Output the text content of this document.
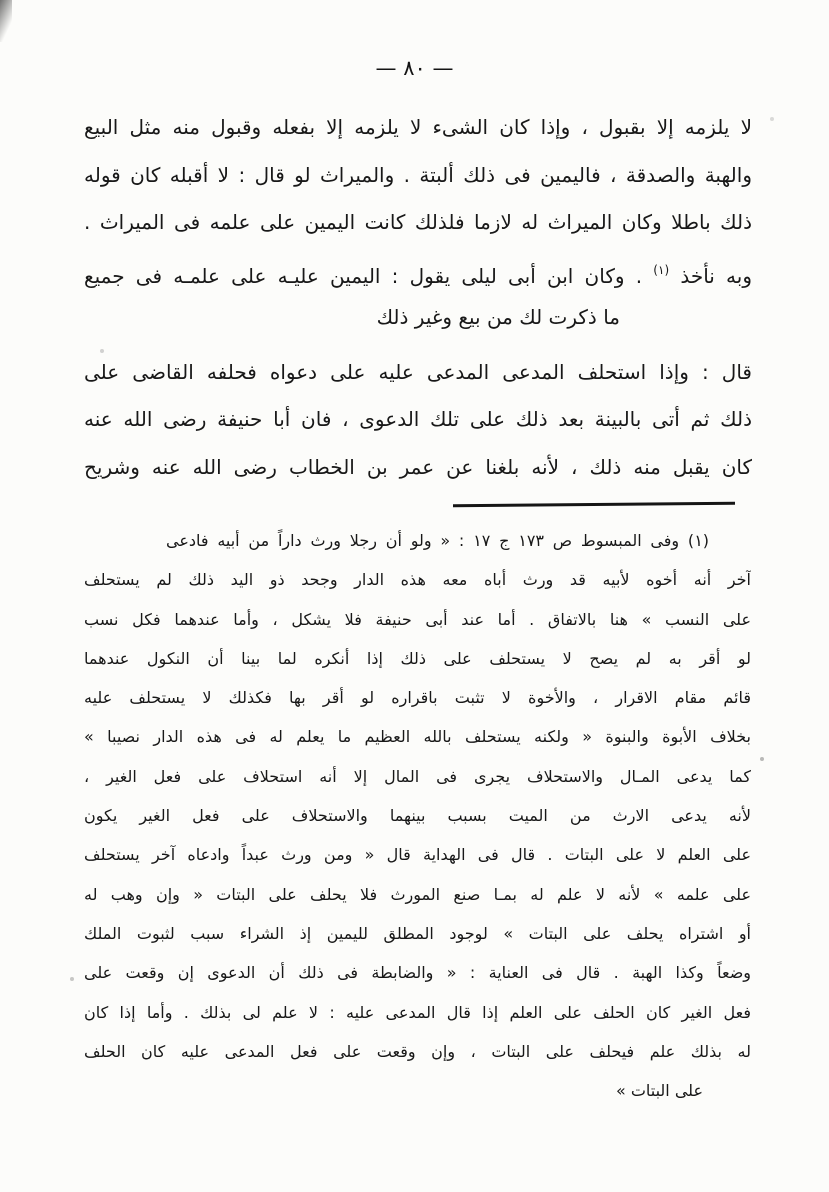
— ٨٠ —

لا يلزمه إلا بقبول ، وإذا كان الشىء لا يلزمه إلا بفعله وقبول منه مثل البيع

والهبة والصدقة ، فاليمين فى ذلك ألبتة . والميراث لو قال : لا أقبله كان قوله

ذلك باطلا وكان الميراث له لازما فلذلك كانت اليمين على علمه فى الميراث .

وبه نأخذ $^{(١)}$ . وكان ابن أبى ليلى يقول : اليمين عليـه على علمـه فى جميع

ما ذكرت لك من بيع وغير ذلك

قال : وإذا استحلف المدعى المدعى عليه على دعواه فحلفه القاضى على

ذلك ثم أتى بالبينة بعد ذلك على تلك الدعوى ، فان أبا حنيفة رضى الله عنه

كان يقبل منه ذلك ، لأنه بلغنا عن عمر بن الخطاب رضى الله عنه وشريح

(١) وفى المبسوط ص ١٧٣ ج ١٧ : « ولو أن رجلا ورث داراً من أبيه فادعى

آخر أنه أخوه لأبيه قد ورث أباه معه هذه الدار وجحد ذو اليد ذلك لم يستحلف

على النسب » هنا بالاتفاق . أما عند أبى حنيفة فلا يشكل ، وأما عندهما فكل نسب

لو أقر به لم يصح لا يستحلف على ذلك إذا أنكره لما بينا أن النكول عندهما

قائم مقام الاقرار ، والأخوة لا تثبت باقراره لو أقر بها فكذلك لا يستحلف عليه

بخلاف الأبوة والبنوة « ولكنه يستحلف بالله العظيم ما يعلم له فى هذه الدار نصيبا »

كما يدعى المـال والاستحلاف يجرى فى المال إلا أنه استحلاف على فعل الغير ،

لأنه يدعى الارث من الميت بسبب بينهما والاستحلاف على فعل الغير يكون

على العلم لا على البتات . قال فى الهداية قال « ومن ورث عبداً وادعاه آخر يستحلف

على علمه » لأنه لا علم له بمـا صنع المورث فلا يحلف على البتات « وإن وهب له

أو اشتراه يحلف على البتات » لوجود المطلق لليمين إذ الشراء سبب لثبوت الملك

وضعاً وكذا الهبة . قال فى العناية : « والضابطة فى ذلك أن الدعوى إن وقعت على

فعل الغير كان الحلف على العلم إذا قال المدعى عليه : لا علم لى بذلك . وأما إذا كان

له بذلك علم فيحلف على البتات ، وإن وقعت على فعل المدعى عليه كان الحلف

على البتات »
